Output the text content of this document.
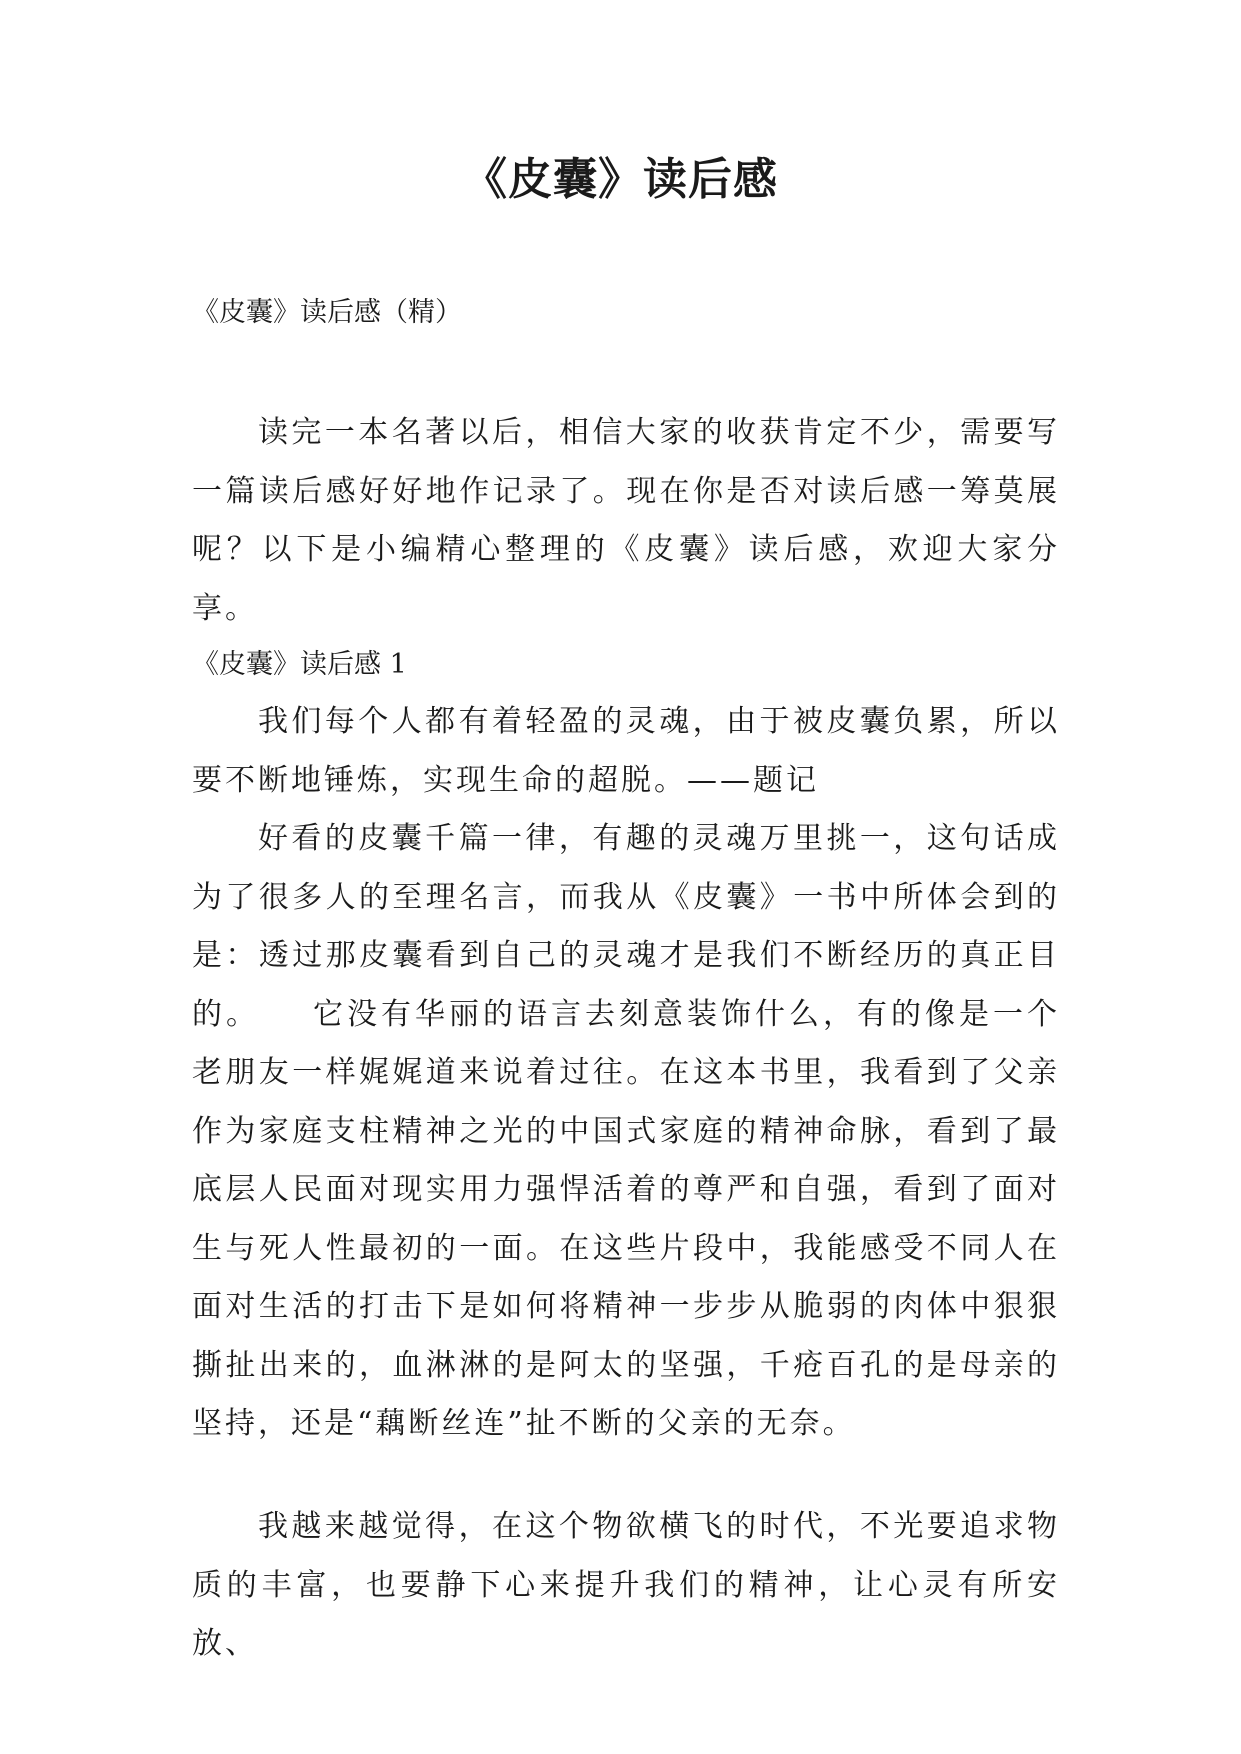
《皮囊》读后感

《皮囊》读后感（精）

读完一本名著以后，相信大家的收获肯定不少，需要写一篇读后感好好地作记录了。现在你是否对读后感一筹莫展呢？以下是小编精心整理的《皮囊》读后感，欢迎大家分享。

《皮囊》读后感 1

我们每个人都有着轻盈的灵魂，由于被皮囊负累，所以要不断地锤炼，实现生命的超脱。——题记

好看的皮囊千篇一律，有趣的灵魂万里挑一，这句话成为了很多人的至理名言，而我从《皮囊》一书中所体会到的是：透过那皮囊看到自己的灵魂才是我们不断经历的真正目的。　　它没有华丽的语言去刻意装饰什么，有的像是一个老朋友一样娓娓道来说着过往。在这本书里，我看到了父亲作为家庭支柱精神之光的中国式家庭的精神命脉，看到了最底层人民面对现实用力强悍活着的尊严和自强，看到了面对生与死人性最初的一面。在这些片段中，我能感受不同人在面对生活的打击下是如何将精神一步步从脆弱的肉体中狠狠撕扯出来的，血淋淋的是阿太的坚强，千疮百孔的是母亲的坚持，还是“藕断丝连”扯不断的父亲的无奈。

我越来越觉得，在这个物欲横飞的时代，不光要追求物质的丰富，也要静下心来提升我们的精神，让心灵有所安放、
